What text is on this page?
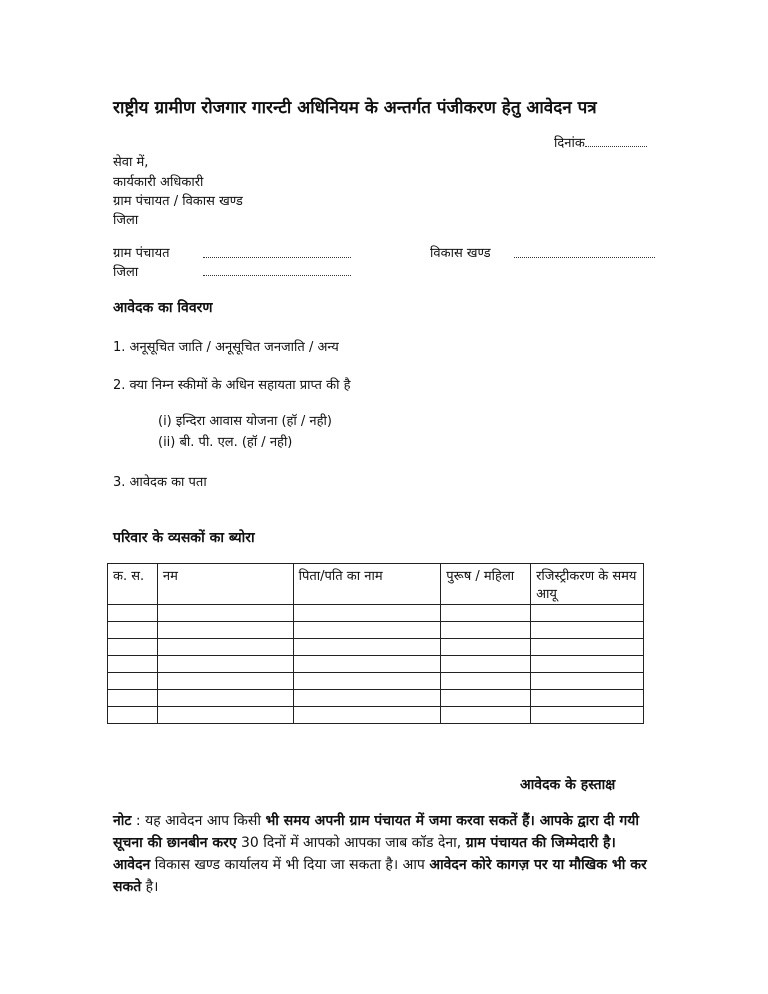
राष्ट्रीय ग्रामीण रोजगार गारन्टी अधिनियम के अन्तर्गत पंजीकरण हेतु आवेदन पत्र
दिनांक
सेवा में,
कार्यकारी अधिकारी
ग्राम पंचायत / विकास खण्ड
जिला
ग्राम पंचायत	विकास खण्ड
जिला
आवेदक का विवरण
1. अनूसूचित जाति / अनूसूचित जनजाति / अन्य
2. क्या निम्न स्कीमों के अधिन सहायता प्राप्त की है
(i) इन्दिरा आवास योजना (हॉ / नही)
(ii) बी. पी. एल. (हॉ / नही)
3. आवेदक का पता
परिवार के व्यसकों का ब्योरा
क. स.	नम	पिता/पति का नाम	पुरूष / महिला	रजिस्ट्रीकरण के समय आयू

आवेदक के हस्ताक्ष
नोट : यह आवेदन आप किसी भी समय अपनी ग्राम पंचायत में जमा करवा सकतें हैं। आपके द्वारा दी गयी सूचना की छानबीन करए 30 दिनों में आपको आपका जाब कॉड देना, ग्राम पंचायत की जिम्मेदारी है। आवेदन विकास खण्ड कार्यालय में भी दिया जा सकता है। आप आवेदन कोरे कागज़ पर या मौखिक भी कर सकते है।
